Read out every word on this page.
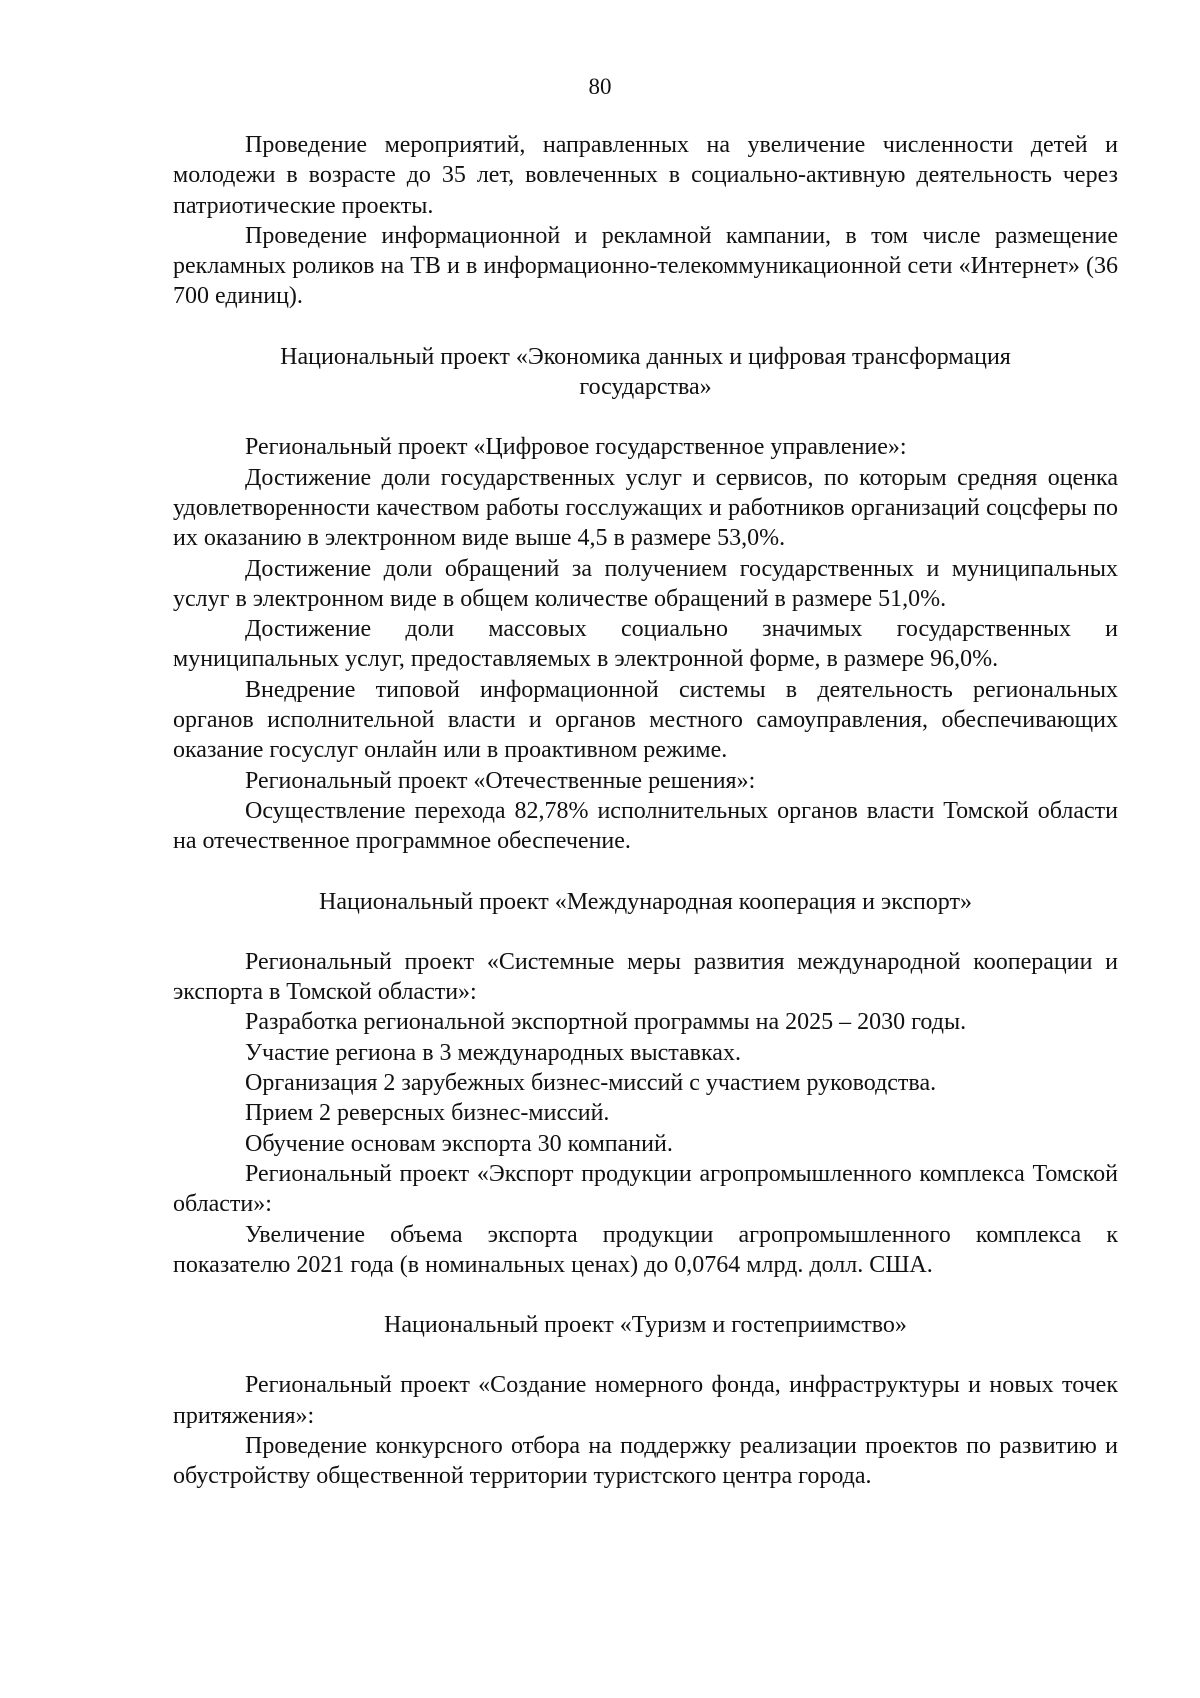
80

Проведение мероприятий, направленных на увеличение численности детей и молодежи в возрасте до 35 лет, вовлеченных в социально-активную деятельность через патриотические проекты.

Проведение информационной и рекламной кампании, в том числе размещение рекламных роликов на ТВ и в информационно-телекоммуникационной сети «Интернет» (36 700 единиц).

Национальный проект «Экономика данных и цифровая трансформация

государства»

Региональный проект «Цифровое государственное управление»:

Достижение доли государственных услуг и сервисов, по которым средняя оценка удовлетворенности качеством работы госслужащих и работников организаций соцсферы по их оказанию в электронном виде выше 4,5 в размере 53,0%.

Достижение доли обращений за получением государственных и муниципальных услуг в электронном виде в общем количестве обращений в размере 51,0%.

Достижение доли массовых социально значимых государственных и муниципальных услуг, предоставляемых в электронной форме, в размере 96,0%.

Внедрение типовой информационной системы в деятельность региональных органов исполнительной власти и органов местного самоуправления, обеспечивающих оказание госуслуг онлайн или в проактивном режиме.

Региональный проект «Отечественные решения»:

Осуществление перехода 82,78% исполнительных органов власти Томской области на отечественное программное обеспечение.

Национальный проект «Международная кооперация и экспорт»

Региональный проект «Системные меры развития международной кооперации и экспорта в Томской области»:

Разработка региональной экспортной программы на 2025 – 2030 годы.

Участие региона в 3 международных выставках.

Организация 2 зарубежных бизнес-миссий с участием руководства.

Прием 2 реверсных бизнес-миссий.

Обучение основам экспорта 30 компаний.

Региональный проект «Экспорт продукции агропромышленного комплекса Томской области»:

Увеличение объема экспорта продукции агропромышленного комплекса к показателю 2021 года (в номинальных ценах) до 0,0764 млрд. долл. США.

Национальный проект «Туризм и гостеприимство»

Региональный проект «Создание номерного фонда, инфраструктуры и новых точек притяжения»:

Проведение конкурсного отбора на поддержку реализации проектов по развитию и обустройству общественной территории туристского центра города.
